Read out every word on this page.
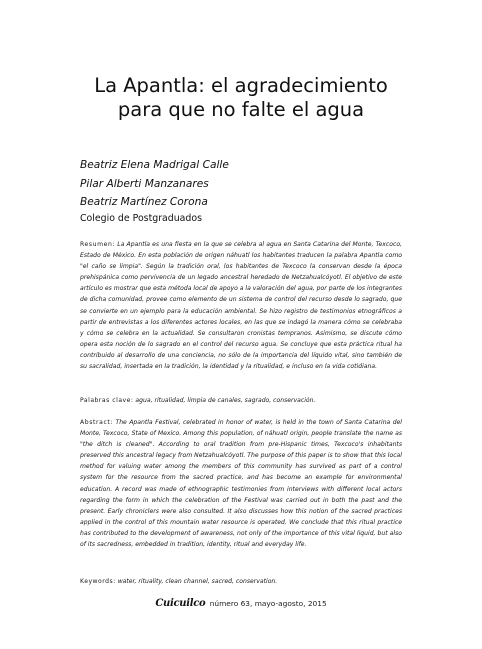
La Apantla: el agradecimiento
para que no falte el agua
Beatriz Elena Madrigal Calle
Pilar Alberti Manzanares
Beatriz Martínez Corona
Colegio de Postgraduados

Resumen: La Apantla es una fiesta en la que se celebra al agua en Santa Catarina del Monte, Texcoco, Estado de México. En esta población de origen náhuatl los habitantes traducen la palabra Apantla como "el caño se limpia". Según la tradición oral, los habitantes de Texcoco la conservan desde la época prehispánica como pervivencia de un legado ancestral heredado de Netzahualcóyotl. El objetivo de este artículo es mostrar que esta métoda local de apoyo a la valoración del agua, por parte de los integrantes de dicha comunidad, provee como elemento de un sistema de control del recurso desde lo sagrado, que se convierte en un ejemplo para la educación ambiental. Se hizo registro de testimonios etnográficos a partir de entrevistas a los diferentes actores locales, en las que se indagó la manera cómo se celebraba y cómo se celebra en la actualidad. Se consultaron cronistas tempranos. Asimismo, se discute cómo opera esta noción de lo sagrado en el control del recurso agua. Se concluye que esta práctica ritual ha contribuido al desarrollo de una conciencia, no sólo de la importancia del líquido vital, sino también de su sacralidad, insertada en la tradición, la identidad y la ritualidad, e incluso en la vida cotidiana.

Palabras clave: agua, ritualidad, limpia de canales, sagrado, conservación.

Abstract: The Apantla Festival, celebrated in honor of water, is held in the town of Santa Catarina del Monte, Texcoco, State of Mexico. Among this population, of náhuatl origin, people translate the name as "the ditch is cleaned". According to oral tradition from pre-Hispanic times, Texcoco's inhabitants preserved this ancestral legacy from Netzahualcóyotl. The purpose of this paper is to show that this local method for valuing water among the members of this community has survived as part of a control system for the resource from the sacred practice, and has become an example for environmental education. A record was made of ethnographic testimonies from interviews with different local actors regarding the form in which the celebration of the Festival was carried out in both the past and the present. Early chroniclers were also consulted. It also discusses how this notion of the sacred practices applied in the control of this mountain water resource is operated. We conclude that this ritual practice has contributed to the development of awareness, not only of the importance of this vital liquid, but also of its sacredness, embedded in tradition, identity, ritual and everyday life.

Keywords: water, rituality, clean channel, sacred, conservation.

Cuicuilco número 63, mayo-agosto, 2015
